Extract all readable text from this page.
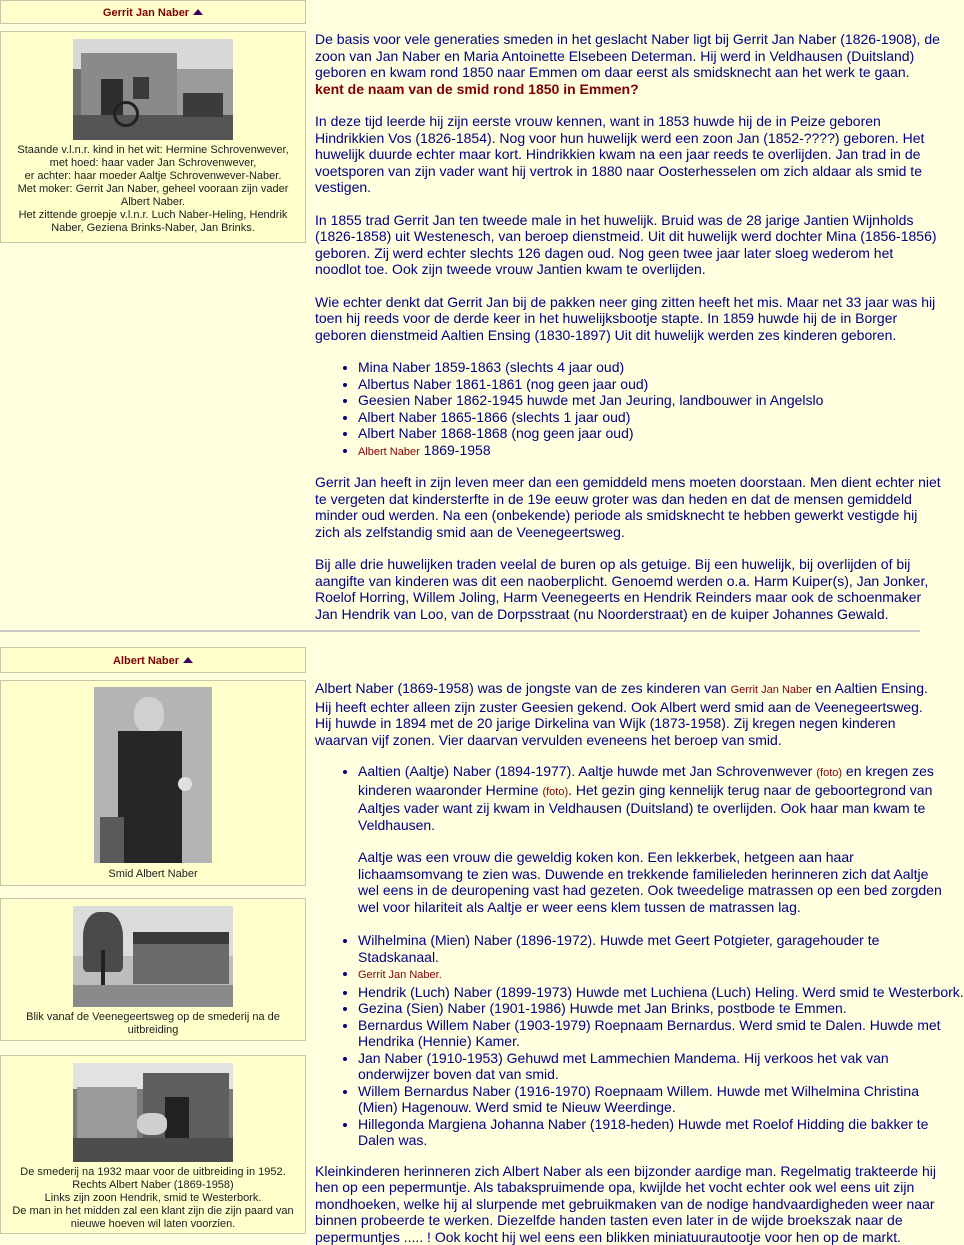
Gerrit Jan Naber
Staande v.l.n.r. kind in het wit: Hermine Schrovenwever,
met hoed: haar vader Jan Schrovenwever,
er achter: haar moeder Aaltje Schrovenwever-Naber.
Met moker: Gerrit Jan Naber, geheel vooraan zijn vader
Albert Naber.
Het zittende groepje v.l.n.r. Luch Naber-Heling, Hendrik
Naber, Geziena Brinks-Naber, Jan Brinks.

De basis voor vele generaties smeden in het geslacht Naber ligt bij Gerrit Jan Naber (1826-1908), de
zoon van Jan Naber en Maria Antoinette Elsebeen Determan. Hij werd in Veldhausen (Duitsland)
geboren en kwam rond 1850 naar Emmen om daar eerst als smidsknecht aan het werk te gaan.
kent de naam van de smid rond 1850 in Emmen?

In deze tijd leerde hij zijn eerste vrouw kennen, want in 1853 huwde hij de in Peize geboren
Hindrikkien Vos (1826-1854). Nog voor hun huwelijk werd een zoon Jan (1852-????) geboren. Het
huwelijk duurde echter maar kort. Hindrikkien kwam na een jaar reeds te overlijden. Jan trad in de
voetsporen van zijn vader want hij vertrok in 1880 naar Oosterhesselen om zich aldaar als smid te
vestigen.

In 1855 trad Gerrit Jan ten tweede male in het huwelijk. Bruid was de 28 jarige Jantien Wijnholds
(1826-1858) uit Westenesch, van beroep dienstmeid. Uit dit huwelijk werd dochter Mina (1856-1856)
geboren. Zij werd echter slechts 126 dagen oud. Nog geen twee jaar later sloeg wederom het
noodlot toe. Ook zijn tweede vrouw Jantien kwam te overlijden.

Wie echter denkt dat Gerrit Jan bij de pakken neer ging zitten heeft het mis. Maar net 33 jaar was hij
toen hij reeds voor de derde keer in het huwelijksbootje stapte. In 1859 huwde hij de in Borger
geboren dienstmeid Aaltien Ensing (1830-1897) Uit dit huwelijk werden zes kinderen geboren.

• Mina Naber 1859-1863 (slechts 4 jaar oud)
• Albertus Naber 1861-1861 (nog geen jaar oud)
• Geesien Naber 1862-1945 huwde met Jan Jeuring, landbouwer in Angelslo
• Albert Naber 1865-1866 (slechts 1 jaar oud)
• Albert Naber 1868-1868 (nog geen jaar oud)
• Albert Naber 1869-1958

Gerrit Jan heeft in zijn leven meer dan een gemiddeld mens moeten doorstaan. Men dient echter niet
te vergeten dat kindersterfte in de 19e eeuw groter was dan heden en dat de mensen gemiddeld
minder oud werden. Na een (onbekende) periode als smidsknecht te hebben gewerkt vestigde hij
zich als zelfstandig smid aan de Veenegeertsweg.

Bij alle drie huwelijken traden veelal de buren op als getuige. Bij een huwelijk, bij overlijden of bij
aangifte van kinderen was dit een naoberplicht. Genoemd werden o.a. Harm Kuiper(s), Jan Jonker,
Roelof Horring, Willem Joling, Harm Veenegeerts en Hendrik Reinders maar ook de schoenmaker
Jan Hendrik van Loo, van de Dorpsstraat (nu Noorderstraat) en de kuiper Johannes Gewald.

Albert Naber
Smid Albert Naber
Blik vanaf de Veenegeertsweg op de smederij na de
uitbreiding
De smederij na 1932 maar voor de uitbreiding in 1952.
Rechts Albert Naber (1869-1958)
Links zijn zoon Hendrik, smid te Westerbork.
De man in het midden zal een klant zijn die zijn paard van
nieuwe hoeven wil laten voorzien.

Albert Naber (1869-1958) was de jongste van de zes kinderen van Gerrit Jan Naber en Aaltien Ensing.
Hij heeft echter alleen zijn zuster Geesien gekend. Ook Albert werd smid aan de Veenegeertsweg.
Hij huwde in 1894 met de 20 jarige Dirkelina van Wijk (1873-1958). Zij kregen negen kinderen
waarvan vijf zonen. Vier daarvan vervulden eveneens het beroep van smid.

• Aaltien (Aaltje) Naber (1894-1977). Aaltje huwde met Jan Schrovenwever (foto) en kregen zes
kinderen waaronder Hermine (foto). Het gezin ging kennelijk terug naar de geboortegrond van
Aaltjes vader want zij kwam in Veldhausen (Duitsland) te overlijden. Ook haar man kwam te
Veldhausen.

Aaltje was een vrouw die geweldig koken kon. Een lekkerbek, hetgeen aan haar
lichaamsomvang te zien was. Duwende en trekkende familieleden herinneren zich dat Aaltje
wel eens in de deuropening vast had gezeten. Ook tweedelige matrassen op een bed zorgden
wel voor hilariteit als Aaltje er weer eens klem tussen de matrassen lag.
• Wilhelmina (Mien) Naber (1896-1972). Huwde met Geert Potgieter, garagehouder te
Stadskanaal.
• Gerrit Jan Naber.
• Hendrik (Luch) Naber (1899-1973) Huwde met Luchiena (Luch) Heling. Werd smid te Westerbork.
• Gezina (Sien) Naber (1901-1986) Huwde met Jan Brinks, postbode te Emmen.
• Bernardus Willem Naber (1903-1979) Roepnaam Bernardus. Werd smid te Dalen. Huwde met
Hendrika (Hennie) Kamer.
• Jan Naber (1910-1953) Gehuwd met Lammechien Mandema. Hij verkoos het vak van
onderwijzer boven dat van smid.
• Willem Bernardus Naber (1916-1970) Roepnaam Willem. Huwde met Wilhelmina Christina
(Mien) Hagenouw. Werd smid te Nieuw Weerdinge.
• Hillegonda Margiena Johanna Naber (1918-heden) Huwde met Roelof Hidding die bakker te
Dalen was.

Kleinkinderen herinneren zich Albert Naber als een bijzonder aardige man. Regelmatig trakteerde hij
hen op een pepermuntje. Als tabakspruimende opa, kwijlde het vocht echter ook wel eens uit zijn
mondhoeken, welke hij al slurpende met gebruikmaken van de nodige handvaardigheden weer naar
binnen probeerde te werken. Diezelfde handen tasten even later in de wijde broekszak naar de
pepermuntjes ..... ! Ook kocht hij wel eens een blikken miniatuurautootje voor hen op de markt.
